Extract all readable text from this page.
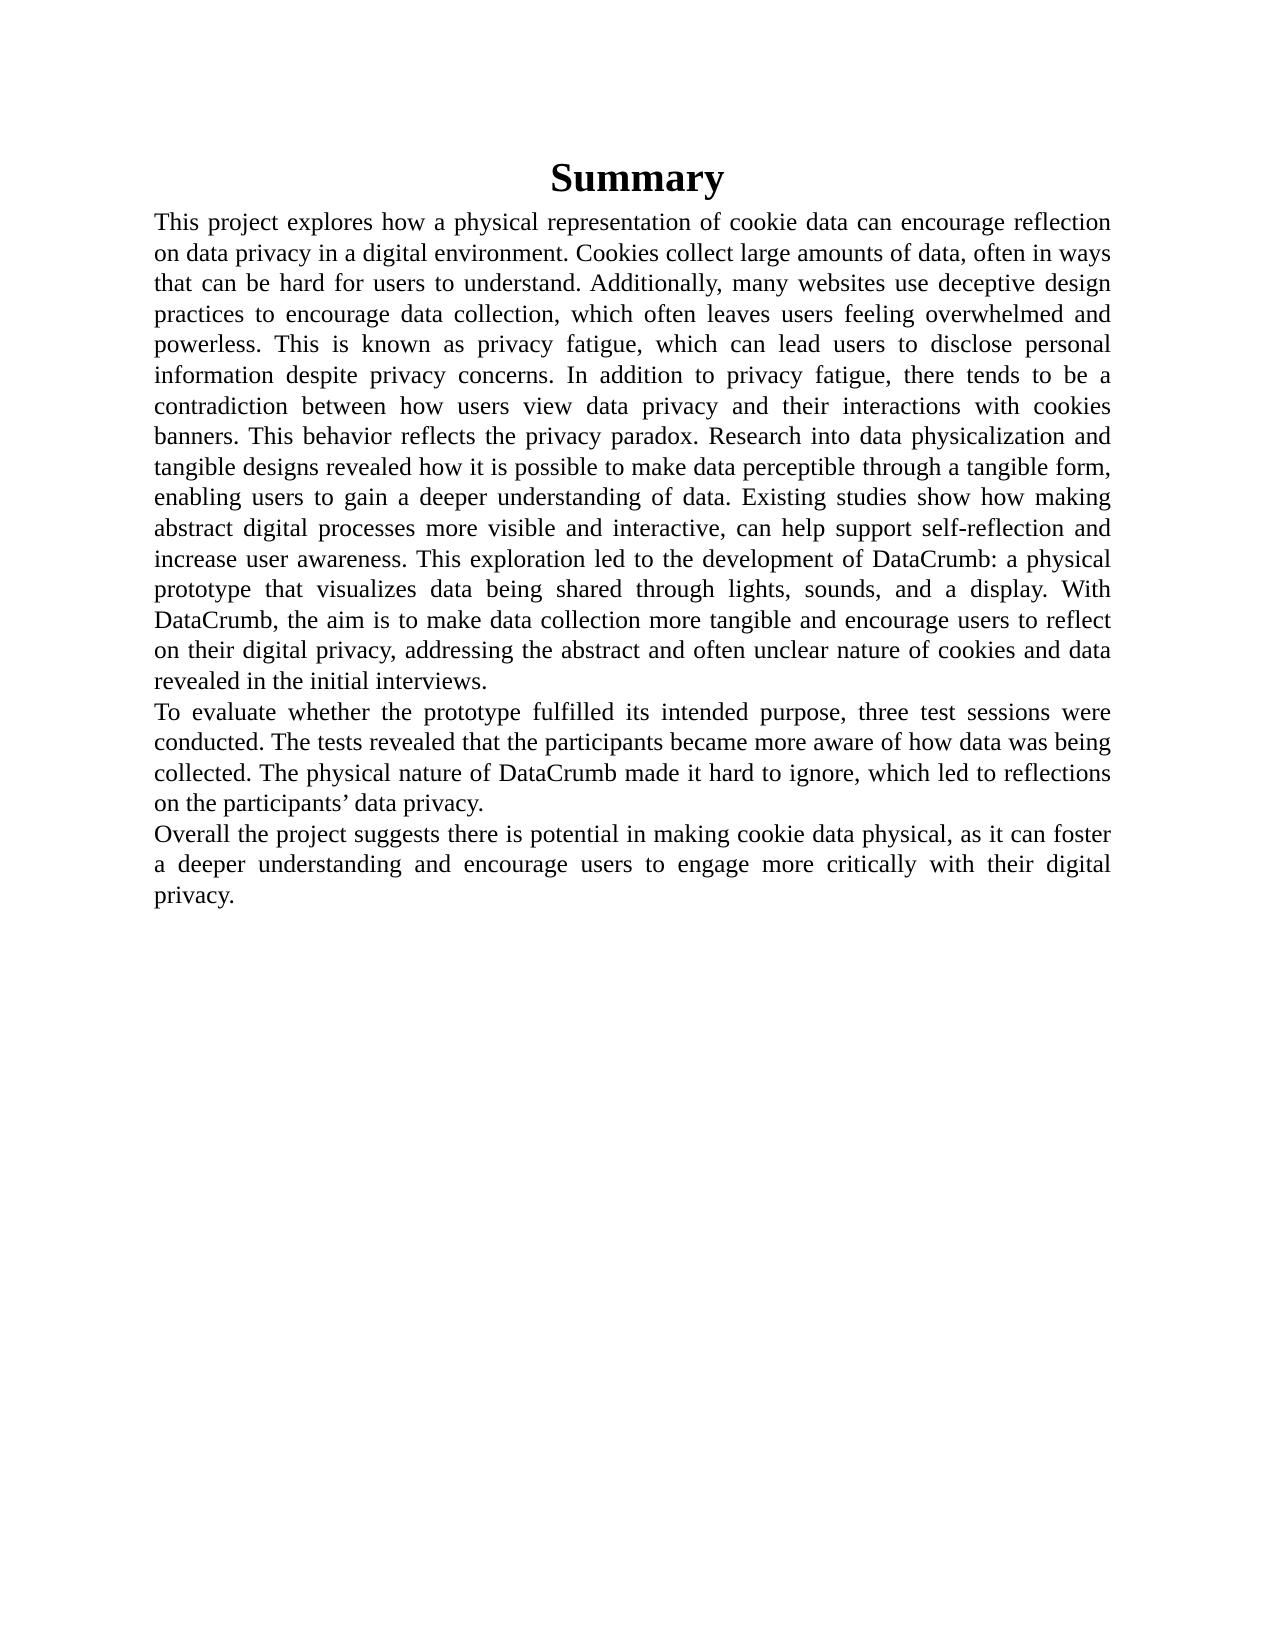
Summary

This project explores how a physical representation of cookie data can encourage reflection on data privacy in a digital environment. Cookies collect large amounts of data, often in ways that can be hard for users to understand. Additionally, many websites use deceptive design practices to encourage data collection, which often leaves users feeling overwhelmed and powerless. This is known as privacy fatigue, which can lead users to disclose personal information despite privacy concerns. In addition to privacy fatigue, there tends to be a contradiction between how users view data privacy and their interactions with cookies banners. This behavior reflects the privacy paradox. Research into data physicalization and tangible designs revealed how it is possible to make data perceptible through a tangible form, enabling users to gain a deeper understanding of data. Existing studies show how making abstract digital processes more visible and interactive, can help support self-reflection and increase user awareness. This exploration led to the development of DataCrumb: a physical prototype that visualizes data being shared through lights, sounds, and a display. With DataCrumb, the aim is to make data collection more tangible and encourage users to reflect on their digital privacy, addressing the abstract and often unclear nature of cookies and data revealed in the initial interviews.

To evaluate whether the prototype fulfilled its intended purpose, three test sessions were conducted. The tests revealed that the participants became more aware of how data was being collected. The physical nature of DataCrumb made it hard to ignore, which led to reflections on the participants’ data privacy.

Overall the project suggests there is potential in making cookie data physical, as it can foster a deeper understanding and encourage users to engage more critically with their digital privacy.
